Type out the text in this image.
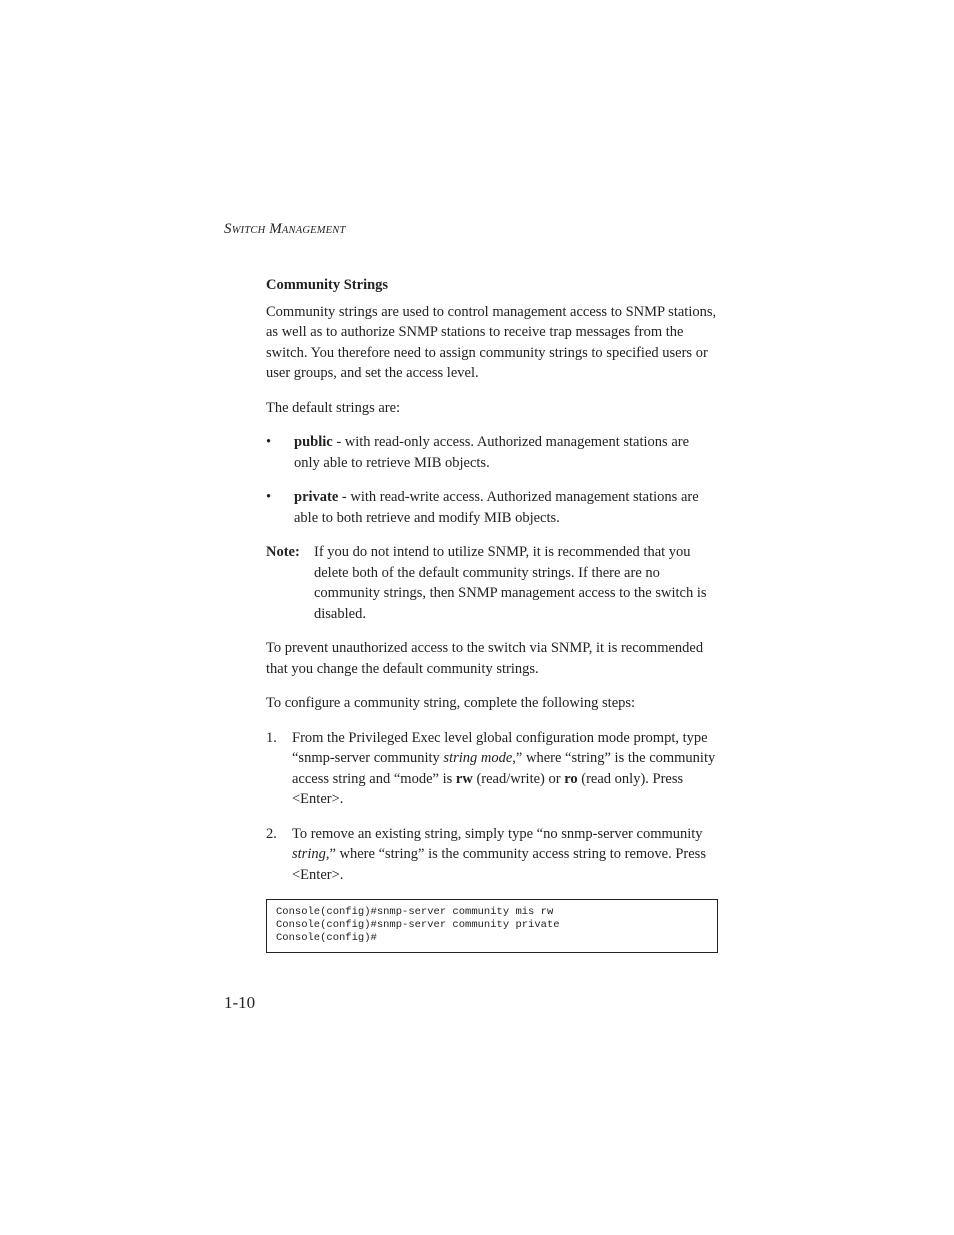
SWITCH MANAGEMENT
Community Strings

Community strings are used to control management access to SNMP stations, as well as to authorize SNMP stations to receive trap messages from the switch. You therefore need to assign community strings to specified users or user groups, and set the access level.

The default strings are:

• public - with read-only access. Authorized management stations are only able to retrieve MIB objects.
• private - with read-write access. Authorized management stations are able to both retrieve and modify MIB objects.
Note: If you do not intend to utilize SNMP, it is recommended that you delete both of the default community strings. If there are no community strings, then SNMP management access to the switch is disabled.

To prevent unauthorized access to the switch via SNMP, it is recommended that you change the default community strings.

To configure a community string, complete the following steps:

1. From the Privileged Exec level global configuration mode prompt, type “snmp-server community string mode,” where “string” is the community access string and “mode” is rw (read/write) or ro (read only). Press <Enter>.
2. To remove an existing string, simply type “no snmp-server community string,” where “string” is the community access string to remove. Press <Enter>.
Console(config)#snmp-server community mis rw
Console(config)#snmp-server community private
Console(config)#
1-10
